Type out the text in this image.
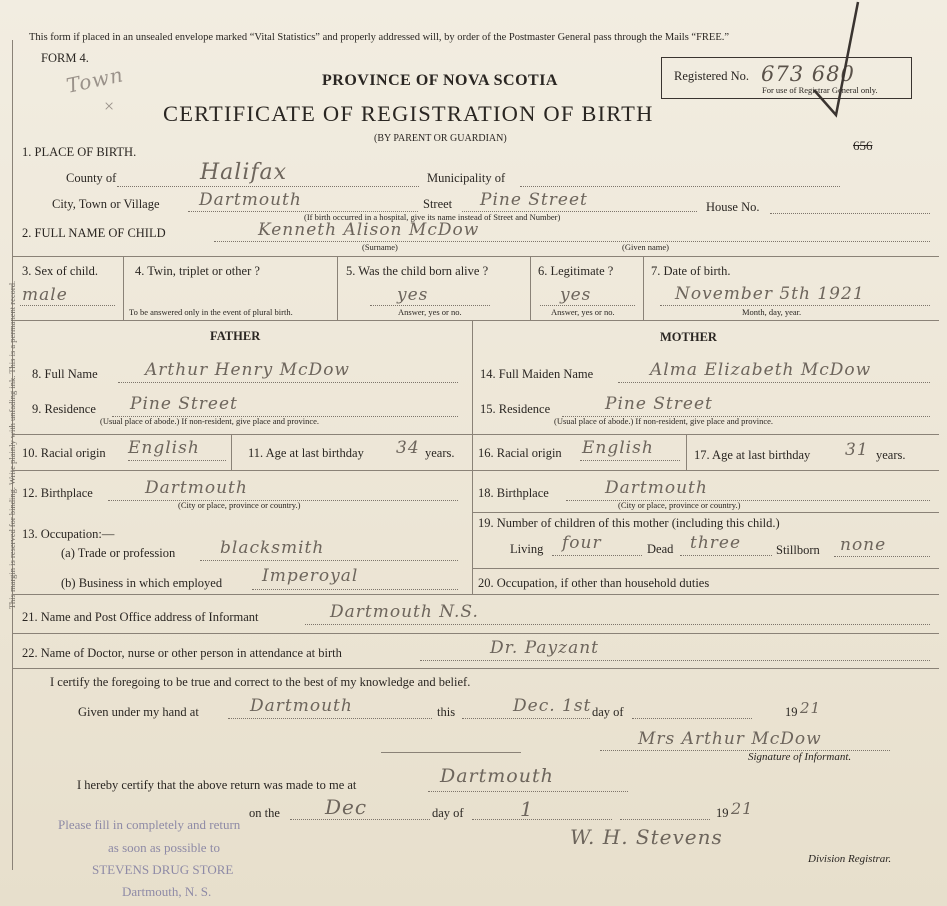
This margin is reserved for binding. Write plainly with unfading ink. This is a permanent record.
This form if placed in an unsealed envelope marked “Vital Statistics” and properly addressed will, by order of the Postmaster General pass through the Mails “FREE.”
FORM 4.
Town
×
PROVINCE OF NOVA SCOTIA
CERTIFICATE OF REGISTRATION OF BIRTH
(BY PARENT OR GUARDIAN)
Registered No. 673 680
For use of Registrar General only.
656
1. PLACE OF BIRTH.
County of	Halifax	Municipality of
City, Town or Village Dartmouth	Street Pine Street	House No.
(If birth occurred in a hospital, give its name instead of Street and Number)
2. FULL NAME OF CHILD	Kenneth Alison McDow
(Surname)	(Given name)
3. Sex of child.
male
4. Twin, triplet or other ?
To be answered only in the event of plural birth.
5. Was the child born alive ?
yes
Answer, yes or no.
6. Legitimate ?
yes
Answer, yes or no.
7. Date of birth.
November 5th 1921
Month, day, year.
FATHER	MOTHER
8. Full Name	Arthur Henry McDow
9. Residence Pine Street
(Usual place of abode.) If non-resident, give place and province.
10. Racial origin English	11. Age at last birthday 34 years.
12. Birthplace	Dartmouth
(City or place, province or country.)
13. Occupation:—
(a) Trade or profession	blacksmith
(b) Business in which employed Imperoyal
14. Full Maiden Name	Alma Elizabeth McDow
15. Residence	Pine Street
(Usual place of abode.) If non-resident, give place and province.
16. Racial origin English	17. Age at last birthday 31 years.
18. Birthplace	Dartmouth
(City or place, province or country.)
19. Number of children of this mother (including this child.)
Living four	Dead three	Stillborn none
20. Occupation, if other than household duties
21. Name and Post Office address of Informant	Dartmouth N.S.
22. Name of Doctor, nurse or other person in attendance at birth	Dr. Payzant
I certify the foregoing to be true and correct to the best of my knowledge and belief.
Given under my hand at	Dartmouth	this	Dec. 1st day of	19 21
Mrs Arthur McDow
Signature of Informant.
I hereby certify that the above return was made to me at	Dartmouth
on the Dec	day of	1	19 21
W. H. Stevens
Division Registrar.
Please fill in completely and return
as soon as possible to
STEVENS DRUG STORE
Dartmouth, N. S.
